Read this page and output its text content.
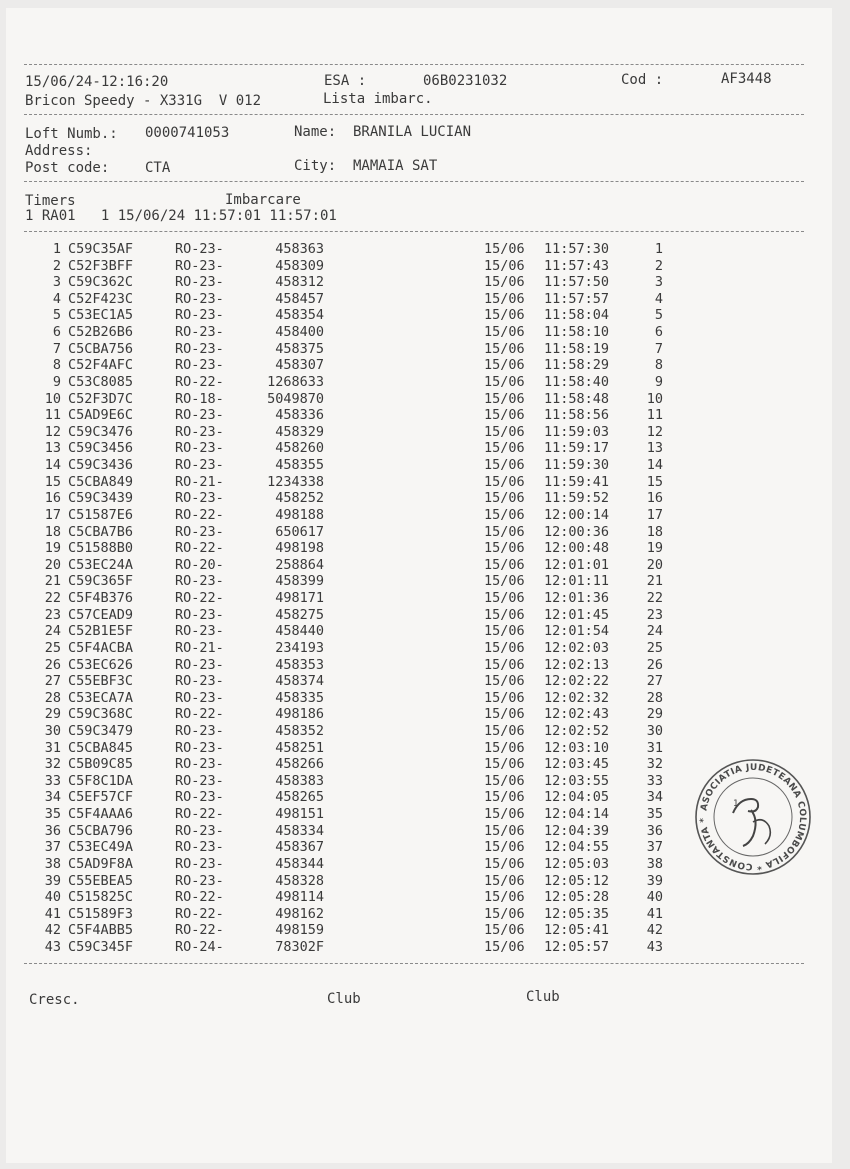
15/06/24-12:16:20	ESA :	06B0231032	Cod :	AF3448
Bricon Speedy - X331G  V 012	Lista imbarc.
Loft Numb.: 0000741053	Name: BRANILA LUCIAN
Address:
Post code:	CTA	City: MAMAIA SAT
Timers	Imbarcare
1 RA01   1 15/06/24 11:57:01 11:57:01
1 C59C35AF	RO-23-	458363	15/06 11:57:30	1
2 C52F3BFF	RO-23-	458309	15/06 11:57:43	2
3 C59C362C	RO-23-	458312	15/06 11:57:50	3
4 C52F423C	RO-23-	458457	15/06 11:57:57	4
5 C53EC1A5	RO-23-	458354	15/06 11:58:04	5
6 C52B26B6	RO-23-	458400	15/06 11:58:10	6
7 C5CBA756	RO-23-	458375	15/06 11:58:19	7
8 C52F4AFC	RO-23-	458307	15/06 11:58:29	8
9 C53C8085	RO-22-	1268633	15/06 11:58:40	9
10 C52F3D7C	RO-18-	5049870	15/06 11:58:48	10
11 C5AD9E6C	RO-23-	458336	15/06 11:58:56	11
12 C59C3476	RO-23-	458329	15/06 11:59:03	12
13 C59C3456	RO-23-	458260	15/06 11:59:17	13
14 C59C3436	RO-23-	458355	15/06 11:59:30	14
15 C5CBA849	RO-21-	1234338	15/06 11:59:41	15
16 C59C3439	RO-23-	458252	15/06 11:59:52	16
17 C51587E6	RO-22-	498188	15/06 12:00:14	17
18 C5CBA7B6	RO-23-	650617	15/06 12:00:36	18
19 C51588B0	RO-22-	498198	15/06 12:00:48	19
20 C53EC24A	RO-20-	258864	15/06 12:01:01	20
21 C59C365F	RO-23-	458399	15/06 12:01:11	21
22 C5F4B376	RO-22-	498171	15/06 12:01:36	22
23 C57CEAD9	RO-23-	458275	15/06 12:01:45	23
24 C52B1E5F	RO-23-	458440	15/06 12:01:54	24
25 C5F4ACBA	RO-21-	234193	15/06 12:02:03	25
26 C53EC626	RO-23-	458353	15/06 12:02:13	26
27 C55EBF3C	RO-23-	458374	15/06 12:02:22	27
28 C53ECA7A	RO-23-	458335	15/06 12:02:32	28
29 C59C368C	RO-22-	498186	15/06 12:02:43	29
30 C59C3479	RO-23-	458352	15/06 12:02:52	30
31 C5CBA845	RO-23-	458251	15/06 12:03:10	31
32 C5B09C85	RO-23-	458266	15/06 12:03:45	32
33 C5F8C1DA	RO-23-	458383	15/06 12:03:55	33
34 C5EF57CF	RO-23-	458265	15/06 12:04:05	34
35 C5F4AAA6	RO-22-	498151	15/06 12:04:14	35
36 C5CBA796	RO-23-	458334	15/06 12:04:39	36
37 C53EC49A	RO-23-	458367	15/06 12:04:55	37
38 C5AD9F8A	RO-23-	458344	15/06 12:05:03	38
39 C55EBEA5	RO-23-	458328	15/06 12:05:12	39
40 C515825C	RO-22-	498114	15/06 12:05:28	40
41 C51589F3	RO-22-	498162	15/06 12:05:35	41
42 C5F4ABB5	RO-22-	498159	15/06 12:05:41	42
43 C59C345F	RO-24-	78302F	15/06 12:05:57	43
Cresc.	Club	Club
ASOCIATIA JUDETEANA COLUMBOFILA * CONSTANTA *
1
